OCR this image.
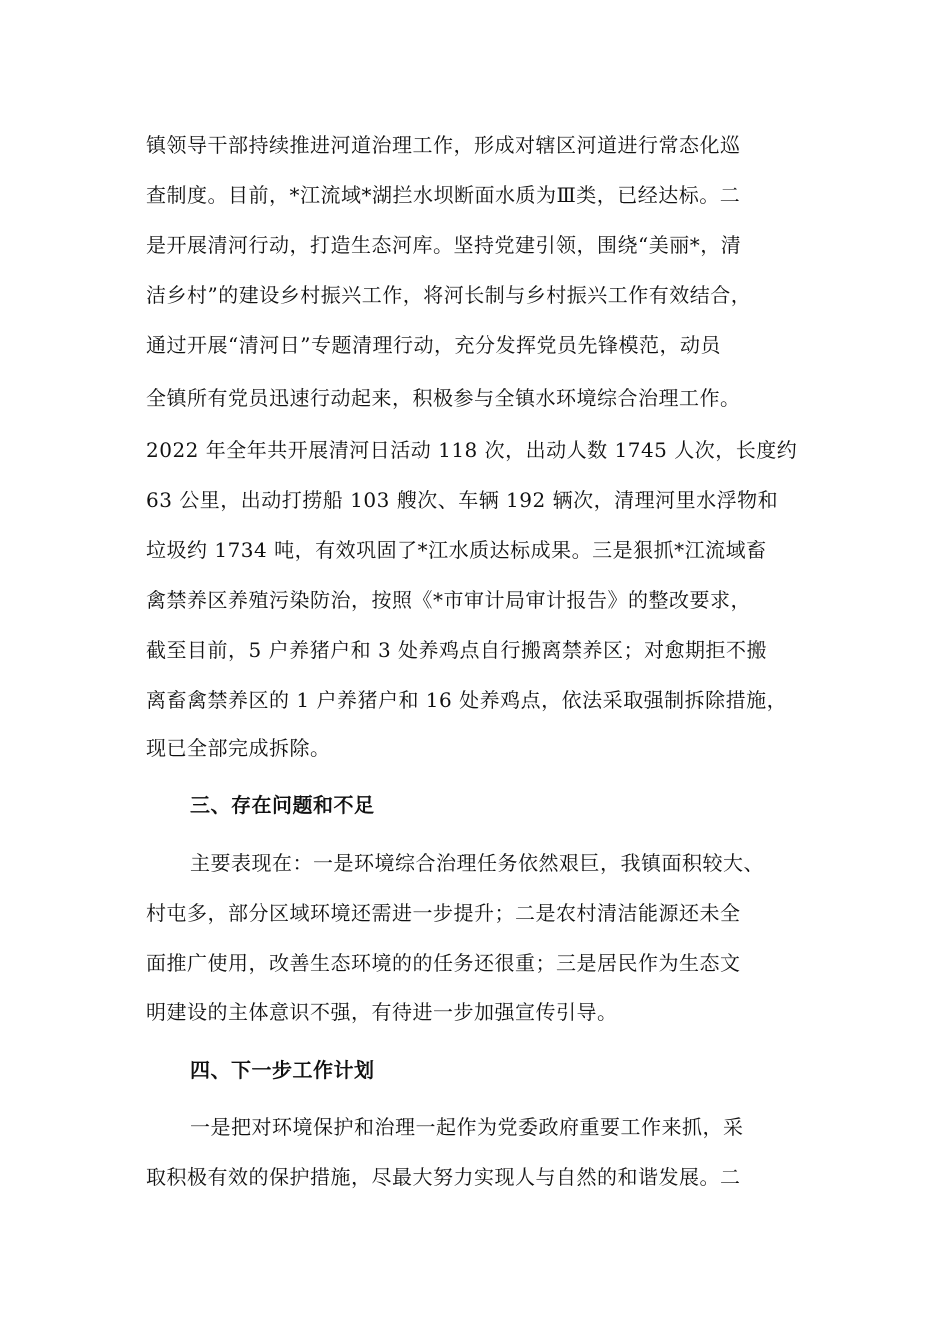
镇领导干部持续推进河道治理工作，形成对辖区河道进行常态化巡
查制度。目前，*江流域*湖拦水坝断面水质为Ⅲ类，已经达标。二
是开展清河行动，打造生态河库。坚持党建引领，围绕“美丽*，清
洁乡村”的建设乡村振兴工作，将河长制与乡村振兴工作有效结合，
通过开展“清河日”专题清理行动，充分发挥党员先锋模范，动员
全镇所有党员迅速行动起来，积极参与全镇水环境综合治理工作。
2022 年全年共开展清河日活动 118 次，出动人数 1745 人次，长度约
63 公里，出动打捞船 103 艘次、车辆 192 辆次，清理河里水浮物和
垃圾约 1734 吨，有效巩固了*江水质达标成果。三是狠抓*江流域畜
禽禁养区养殖污染防治，按照《*市审计局审计报告》的整改要求，
截至目前，5 户养猪户和 3 处养鸡点自行搬离禁养区；对愈期拒不搬
离畜禽禁养区的 1 户养猪户和 16 处养鸡点，依法采取强制拆除措施，
现已全部完成拆除。
三、存在问题和不足
主要表现在：一是环境综合治理任务依然艰巨，我镇面积较大、
村屯多，部分区域环境还需进一步提升；二是农村清洁能源还未全
面推广使用，改善生态环境的的任务还很重；三是居民作为生态文
明建设的主体意识不强，有待进一步加强宣传引导。
四、下一步工作计划
一是把对环境保护和治理一起作为党委政府重要工作来抓，采
取积极有效的保护措施，尽最大努力实现人与自然的和谐发展。二
